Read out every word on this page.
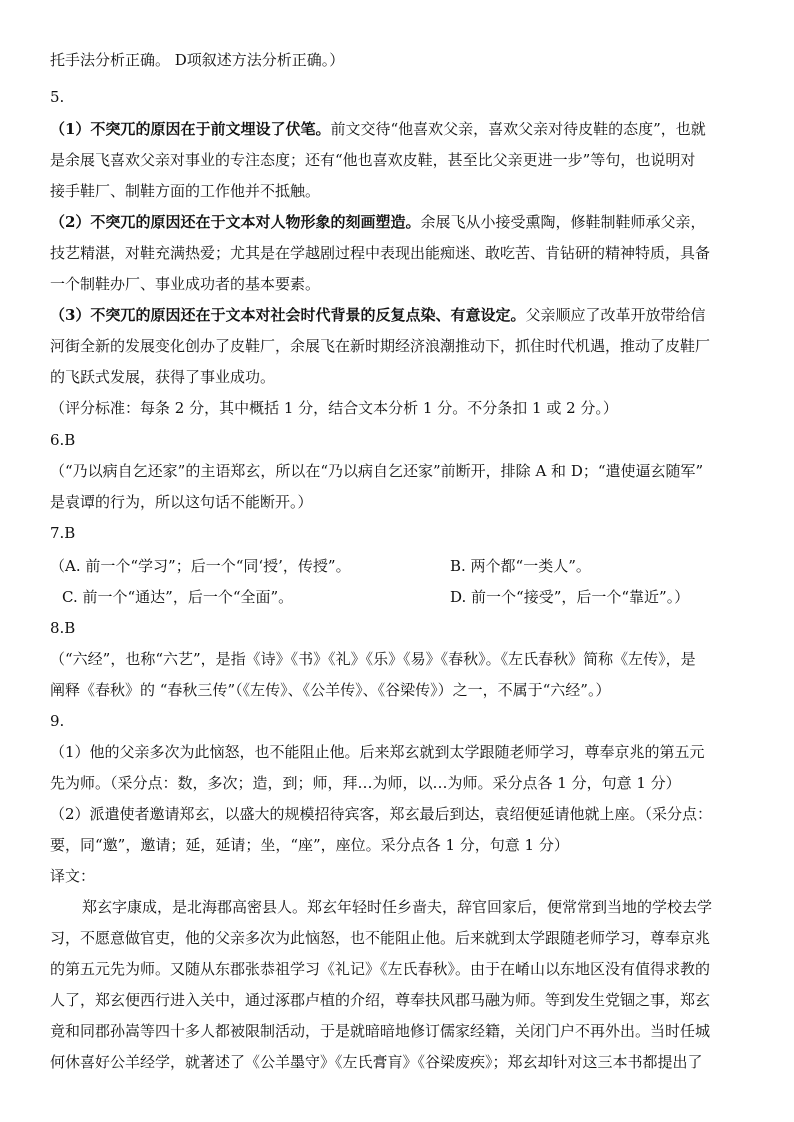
托手法分析正确。 D项叙述方法分析正确。）
5.
（1）不突兀的原因在于前文埋设了伏笔。前文交待“他喜欢父亲，喜欢父亲对待皮鞋的态度”，也就
是余展飞喜欢父亲对事业的专注态度；还有“他也喜欢皮鞋，甚至比父亲更进一步”等句，也说明对
接手鞋厂、制鞋方面的工作他并不抵触。
（2）不突兀的原因还在于文本对人物形象的刻画塑造。余展飞从小接受熏陶，修鞋制鞋师承父亲，
技艺精湛，对鞋充满热爱；尤其是在学越剧过程中表现出能痴迷、敢吃苦、肯钻研的精神特质，具备
一个制鞋办厂、事业成功者的基本要素。
（3）不突兀的原因还在于文本对社会时代背景的反复点染、有意设定。父亲顺应了改革开放带给信
河街全新的发展变化创办了皮鞋厂，余展飞在新时期经济浪潮推动下，抓住时代机遇，推动了皮鞋厂
的飞跃式发展，获得了事业成功。
（评分标准：每条 2 分，其中概括 1 分，结合文本分析 1 分。不分条扣 1 或 2 分。）
6.B
（“乃以病自乞还家”的主语郑玄，所以在“乃以病自乞还家”前断开，排除 A 和 D；“遣使逼玄随军”
是袁谭的行为，所以这句话不能断开。）
7.B
（A. 前一个“学习”；后一个“同‘授’，传授”。	B. 两个都“一类人”。
C. 前一个“通达”，后一个“全面”。	D. 前一个“接受”，后一个“靠近”。）
8.B
（“六经”，也称“六艺”，是指《诗》《书》《礼》《乐》《易》《春秋》。《左氏春秋》简称《左传》，是
阐释《春秋》的 “春秋三传”（《左传》、《公羊传》、《谷梁传》）之一，不属于“六经”。）
9.
（1）他的父亲多次为此恼怒，也不能阻止他。后来郑玄就到太学跟随老师学习，尊奉京兆的第五元
先为师。（采分点：数，多次；造，到；师，拜…为师，以…为师。采分点各 1 分，句意 1 分）
（2）派遣使者邀请郑玄，以盛大的规模招待宾客，郑玄最后到达，袁绍便延请他就上座。（采分点：
要，同“邀”，邀请；延，延请；坐，“座”，座位。采分点各 1 分，句意 1 分）
译文：
郑玄字康成，是北海郡高密县人。郑玄年轻时任乡啬夫，辞官回家后，便常常到当地的学校去学
习，不愿意做官吏，他的父亲多次为此恼怒，也不能阻止他。后来就到太学跟随老师学习，尊奉京兆
的第五元先为师。又随从东郡张恭祖学习《礼记》《左氏春秋》。由于在崤山以东地区没有值得求教的
人了，郑玄便西行进入关中，通过涿郡卢植的介绍，尊奉扶风郡马融为师。等到发生党锢之事，郑玄
竟和同郡孙嵩等四十多人都被限制活动，于是就暗暗地修订儒家经籍，关闭门户不再外出。当时任城
何休喜好公羊经学，就著述了《公羊墨守》《左氏膏肓》《谷梁废疾》；郑玄却针对这三本书都提出了
